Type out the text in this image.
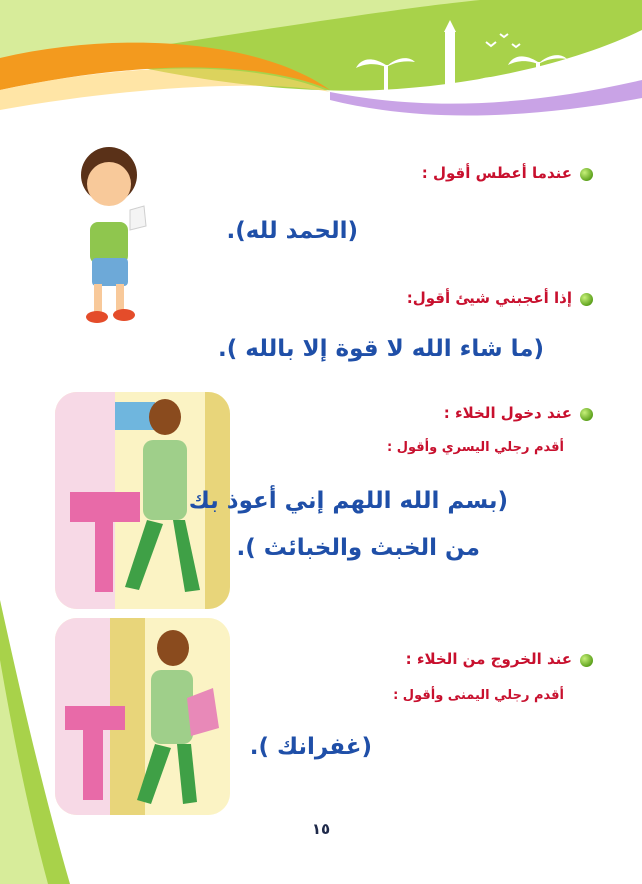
عندما أعطس أقول :
(الحمد لله).
إذا أعجبني شيئ أقول:
(ما شاء الله لا قوة إلا بالله ).
عند دخول الخلاء :
أقدم رجلي اليسري وأقول :
(بسم الله اللهم إني أعوذ بك
من الخبث والخبائث ).
عند الخروج من الخلاء :
أقدم رجلي اليمنى وأقول :
(غفرانك ).
١٥
